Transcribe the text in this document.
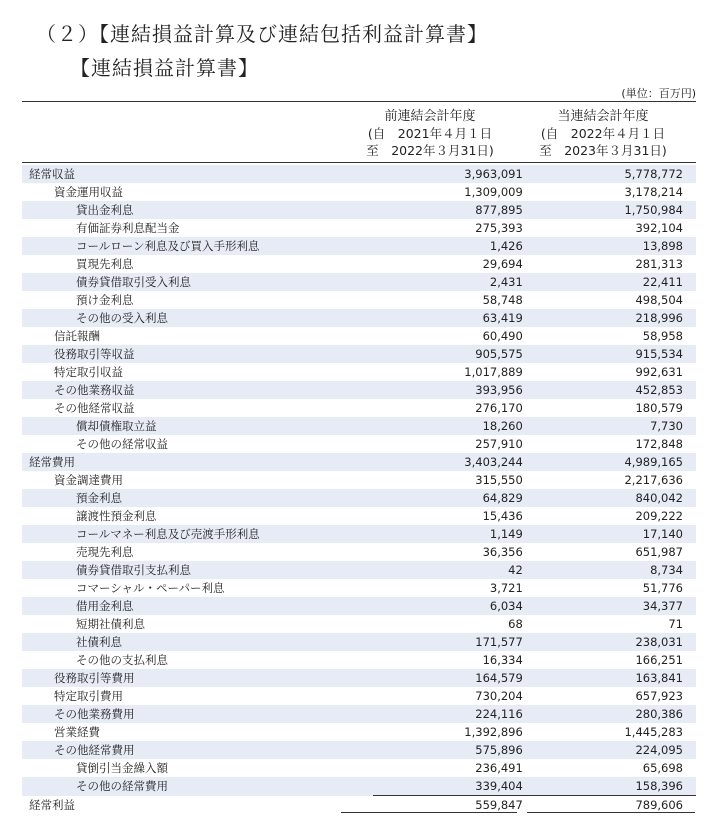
（２）【連結損益計算及び連結包括利益計算書】
【連結損益計算書】
(単位：百万円)
前連結会計年度
(自　2021年４月１日
至　2022年３月31日)
当連結会計年度
(自　2022年４月１日
至　2023年３月31日)
経常収益	3,963,091	5,778,772
資金運用収益	1,309,009	3,178,214
貸出金利息	877,895	1,750,984
有価証券利息配当金	275,393	392,104
コールローン利息及び買入手形利息	1,426	13,898
買現先利息	29,694	281,313
債券貸借取引受入利息	2,431	22,411
預け金利息	58,748	498,504
その他の受入利息	63,419	218,996
信託報酬	60,490	58,958
役務取引等収益	905,575	915,534
特定取引収益	1,017,889	992,631
その他業務収益	393,956	452,853
その他経常収益	276,170	180,579
償却債権取立益	18,260	7,730
その他の経常収益	257,910	172,848
経常費用	3,403,244	4,989,165
資金調達費用	315,550	2,217,636
預金利息	64,829	840,042
譲渡性預金利息	15,436	209,222
コールマネー利息及び売渡手形利息	1,149	17,140
売現先利息	36,356	651,987
債券貸借取引支払利息	42	8,734
コマーシャル・ペーパー利息	3,721	51,776
借用金利息	6,034	34,377
短期社債利息	68	71
社債利息	171,577	238,031
その他の支払利息	16,334	166,251
役務取引等費用	164,579	163,841
特定取引費用	730,204	657,923
その他業務費用	224,116	280,386
営業経費	1,392,896	1,445,283
その他経常費用	575,896	224,095
貸倒引当金繰入額	236,491	65,698
その他の経常費用	339,404	158,396
経常利益	559,847	789,606
